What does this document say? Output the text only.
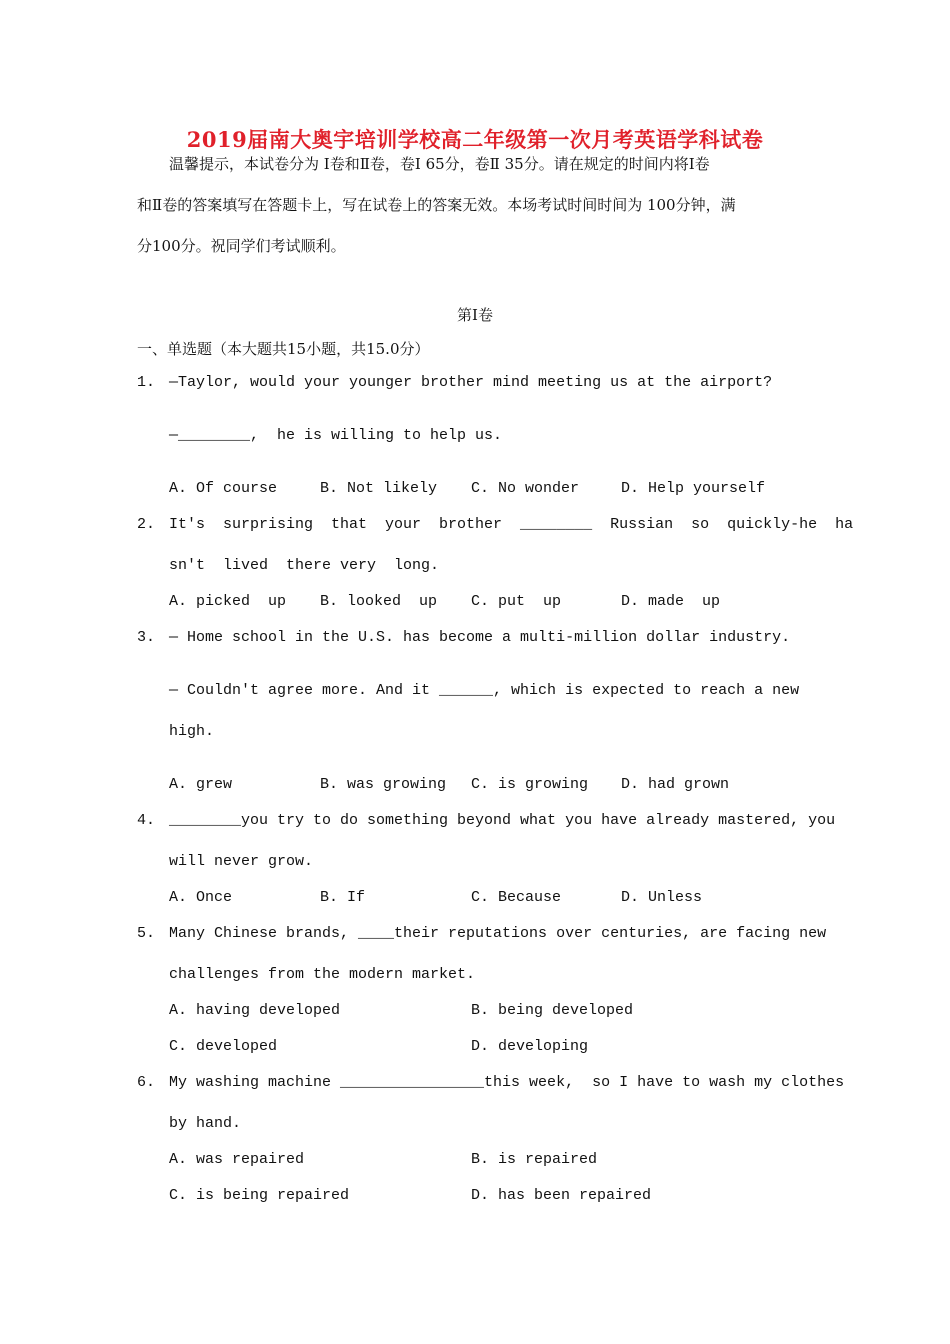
2019届南大奥宇培训学校高二年级第一次月考英语学科试卷
温馨提示，本试卷分为 Ⅰ卷和Ⅱ卷，卷Ⅰ 65分，卷Ⅱ 35分。请在规定的时间内将Ⅰ卷
和Ⅱ卷的答案填写在答题卡上，写在试卷上的答案无效。本场考试时间时间为 100分钟，满
分100分。祝同学们考试顺利。
第Ⅰ卷
一、单选题（本大题共15小题，共15.0分）
1. —Taylor, would your younger brother mind meeting us at the airport?
—________,  he is willing to help us.
A. Of course	B. Not likely C. No wonder	D. Help yourself
2. It's  surprising  that  your  brother  ________  Russian  so  quickly-he  ha
sn't  lived  there very  long.
A. picked  up B. looked  up C. put  up	D. made  up
3. — Home school in the U.S. has become a multi-million dollar industry.
— Couldn't agree more. And it ______, which is expected to reach a new
high.
A. grew	B. was growing C. is growing D. had grown
4. ________you try to do something beyond what you have already mastered, you
will never grow.
A. Once	B. If	C. Because	D. Unless
5. Many Chinese brands, ____their reputations over centuries, are facing new
challenges from the modern market.
A. having developed	B. being developed
C. developed	D. developing
6. My washing machine ________________this week,  so I have to wash my clothes
by hand.
A. was repaired	B. is repaired
C. is being repaired	D. has been repaired
